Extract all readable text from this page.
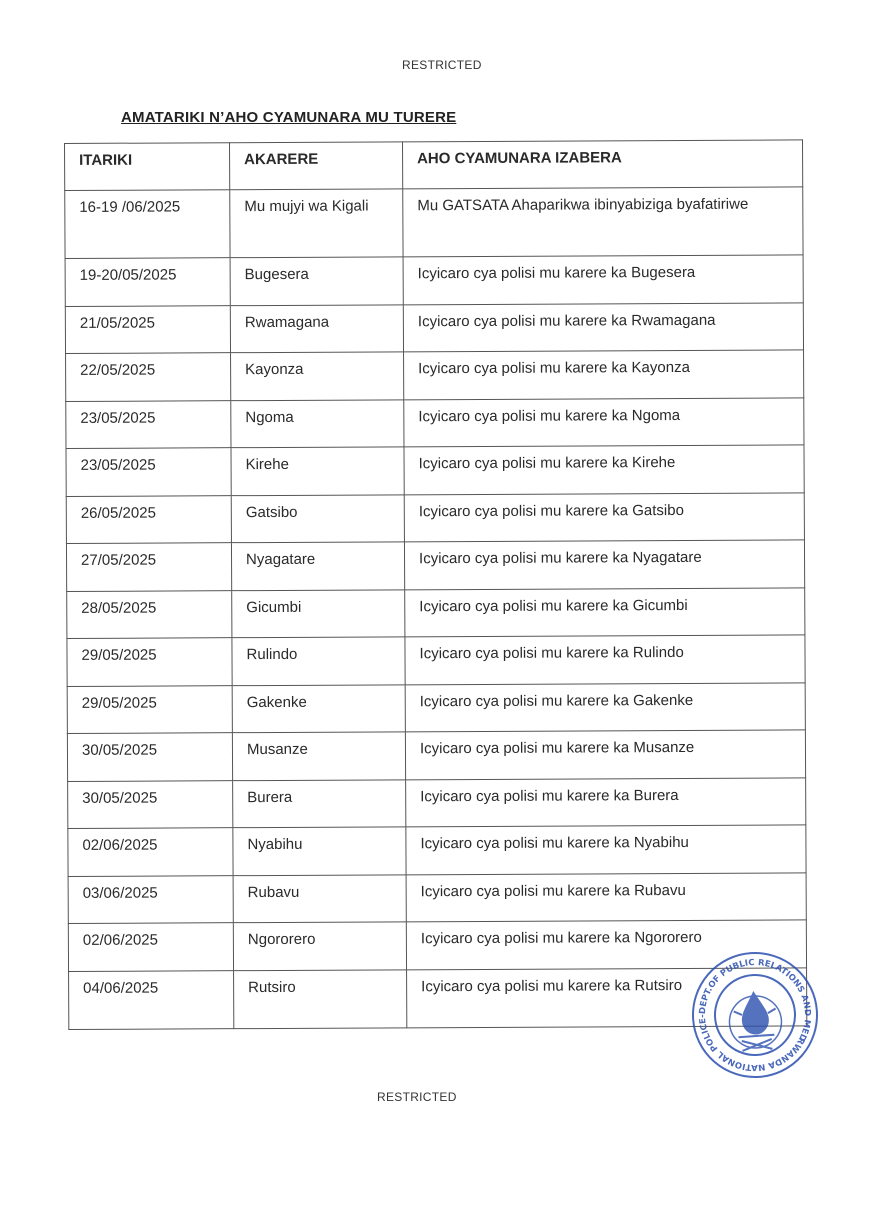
RESTRICTED
AMATARIKI N’AHO CYAMUNARA MU TURERE
ITARIKI	AKARERE	AHO CYAMUNARA IZABERA
16-19 /06/2025	Mu mujyi wa Kigali	Mu GATSATA Ahaparikwa ibinyabiziga byafatiriwe
19-20/05/2025	Bugesera	Icyicaro cya polisi mu karere ka Bugesera
21/05/2025	Rwamagana	Icyicaro cya polisi mu karere ka Rwamagana
22/05/2025	Kayonza	Icyicaro cya polisi mu karere ka Kayonza
23/05/2025	Ngoma	Icyicaro cya polisi mu karere ka Ngoma
23/05/2025	Kirehe	Icyicaro cya polisi mu karere ka Kirehe
26/05/2025	Gatsibo	Icyicaro cya polisi mu karere ka Gatsibo
27/05/2025	Nyagatare	Icyicaro cya polisi mu karere ka Nyagatare
28/05/2025	Gicumbi	Icyicaro cya polisi mu karere ka Gicumbi
29/05/2025	Rulindo	Icyicaro cya polisi mu karere ka Rulindo
29/05/2025	Gakenke	Icyicaro cya polisi mu karere ka Gakenke
30/05/2025	Musanze	Icyicaro cya polisi mu karere ka Musanze
30/05/2025	Burera	Icyicaro cya polisi mu karere ka Burera
02/06/2025	Nyabihu	Icyicaro cya polisi mu karere ka Nyabihu
03/06/2025	Rubavu	Icyicaro cya polisi mu karere ka Rubavu
02/06/2025	Ngororero	Icyicaro cya polisi mu karere ka Ngororero
04/06/2025	Rutsiro	Icyicaro cya polisi mu karere ka Rutsiro
RESTRICTED
RWANDA NATIONAL POLICE-DEPT.OF PUBLIC RELATIONS AND MEDIA
